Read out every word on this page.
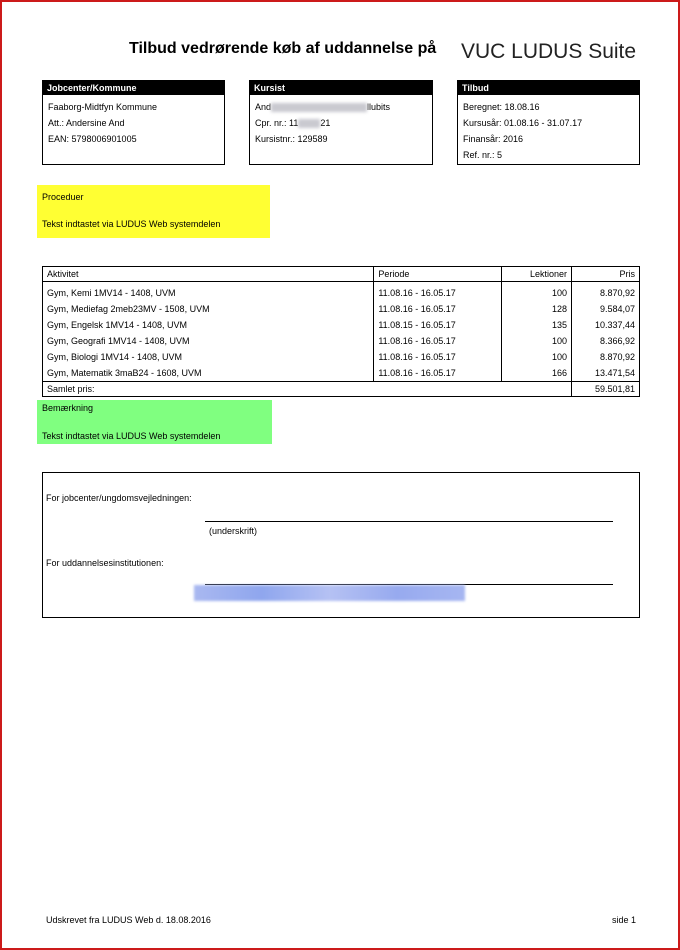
Tilbud vedrørende køb af uddannelse på VUC LUDUS Suite
Jobcenter/Kommune
Faaborg-Midtfyn Kommune
Att.: Andersine And
EAN: 5798006901005
Kursist
And	llubits
Cpr. nr.: 11 21
Kursistnr.: 129589
Tilbud
Beregnet: 18.08.16
Kursusår: 01.08.16 - 31.07.17
Finansår: 2016
Ref. nr.: 5
Proceduer
Tekst indtastet via LUDUS Web systemdelen
Aktivitet	Periode	Lektioner	Pris
Gym, Kemi 1MV14 - 1408, UVM	11.08.16 - 16.05.17	100	8.870,92
Gym, Mediefag 2meb23MV - 1508, UVM	11.08.16 - 16.05.17	128	9.584,07
Gym, Engelsk 1MV14 - 1408, UVM	11.08.15 - 16.05.17	135	10.337,44
Gym, Geografi 1MV14 - 1408, UVM	11.08.16 - 16.05.17	100	8.366,92
Gym, Biologi 1MV14 - 1408, UVM	11.08.16 - 16.05.17	100	8.870,92
Gym, Matematik 3maB24 - 1608, UVM	11.08.16 - 16.05.17	166	13.471,54
Samlet pris:			59.501,81
Bemærkning
Tekst indtastet via LUDUS Web systemdelen
For jobcenter/ungdomsvejledningen:
(underskrift)
For uddannelsesinstitutionen:
Udskrevet fra LUDUS Web d. 18.08.2016	side 1
